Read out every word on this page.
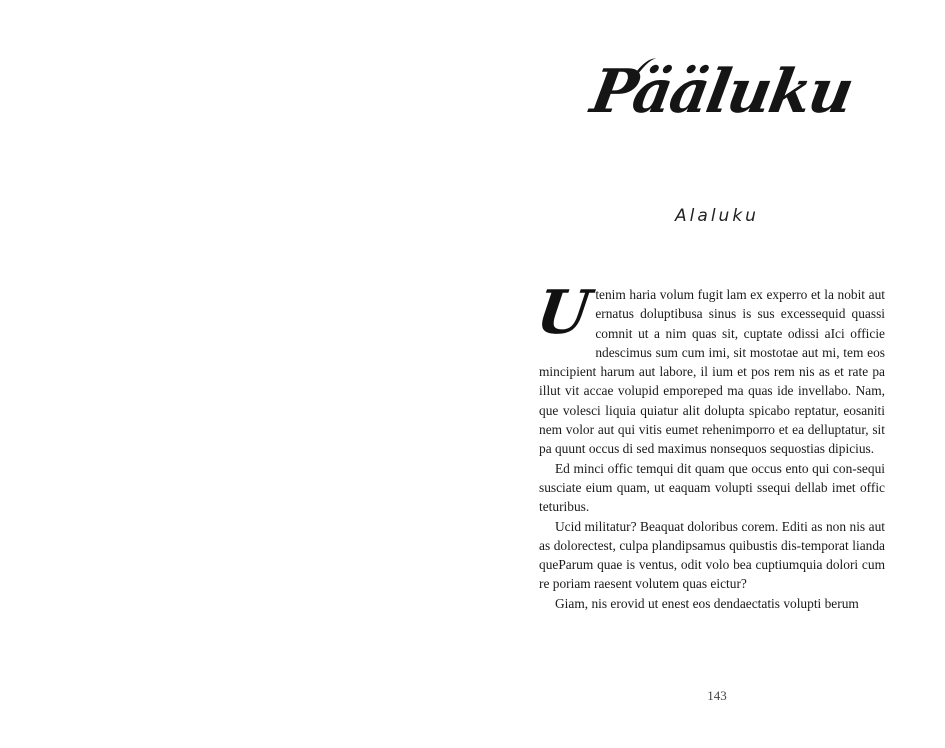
Pääluku
Alaluku

Utenim haria volum fugit lam ex experro et la nobit aut ernatus doluptibusa sinus is sus excessequid quassi comnit ut a nim quas sit, cuptate odissi aIci officie ndescimus sum cum imi, sit mostotae aut mi, tem eos mincipient harum aut labore, il ium et pos rem nis as et rate pa illut vit accae volupid emporeped ma quas ide invellabo. Nam, que volesci liquia quiatur alit dolupta spicabo reptatur, eosaniti nem volor aut qui vitis eumet rehenimporro et ea delluptatur, sit pa quunt occus di sed maximus nonsequos sequostias dipicius.

Ed minci offic temqui dit quam que occus ento qui con-sequi susciate eium quam, ut eaquam volupti ssequi dellab imet offic teturibus.

Ucid militatur? Beaquat doloribus corem. Editi as non nis aut as dolorectest, culpa plandipsamus quibustis dis-temporat lianda queParum quae is ventus, odit volo bea cuptiumquia dolori cum re poriam raesent volutem quas eictur?

Giam, nis erovid ut enest eos dendaectatis volupti berum

143
